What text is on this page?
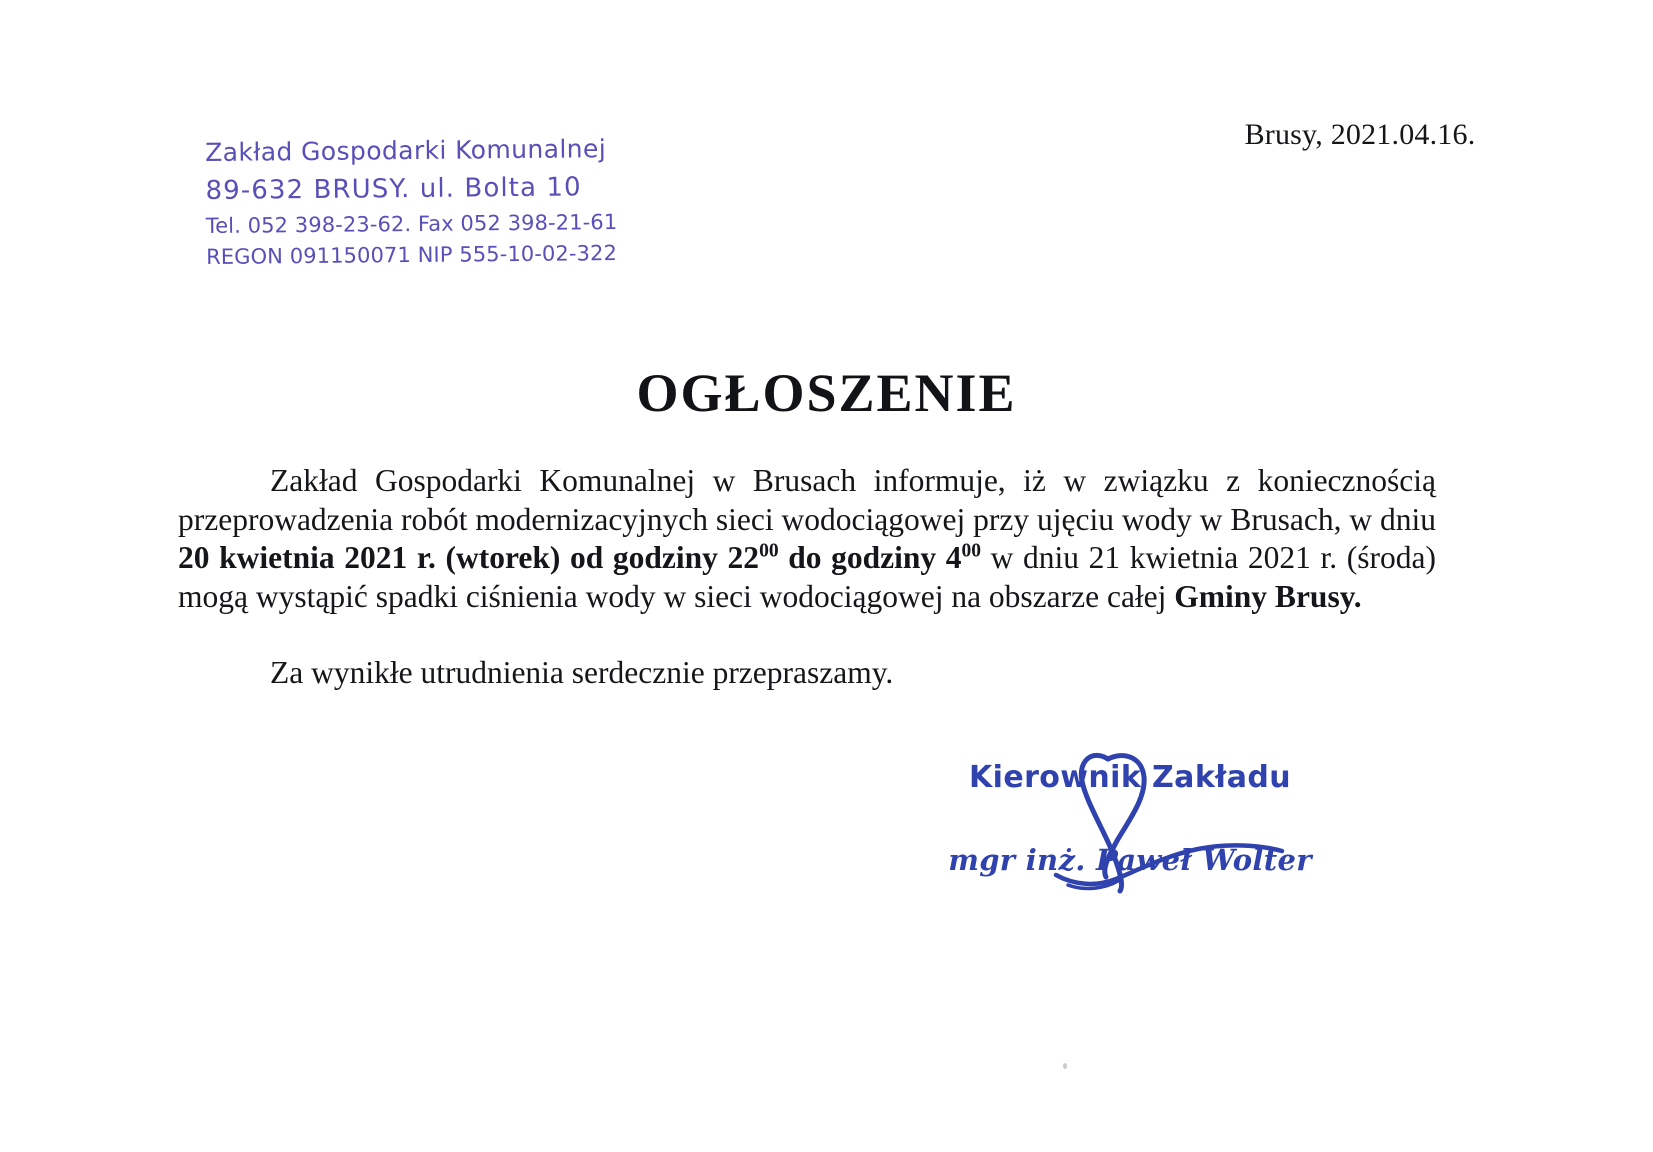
Brusy, 2021.04.16.
Zakład Gospodarki Komunalnej
89-632 BRUSY. ul. Bolta 10
Tel. 052 398-23-62. Fax 052 398-21-61
REGON 091150071 NIP 555-10-02-322
OGŁOSZENIE

Zakład Gospodarki Komunalnej w Brusach informuje, iż w związku z koniecznością przeprowadzenia robót modernizacyjnych sieci wodociągowej przy ujęciu wody w Brusach, w dniu 20 kwietnia 2021 r. (wtorek) od godziny $22^{00}$ do godziny $4^{00}$ w dniu 21 kwietnia 2021 r. (środa) mogą wystąpić spadki ciśnienia wody w sieci wodociągowej na obszarze całej Gminy Brusy.

Za wynikłe utrudnienia serdecznie przepraszamy.

Kierownik Zakładu
mgr inż. Paweł Wolter
